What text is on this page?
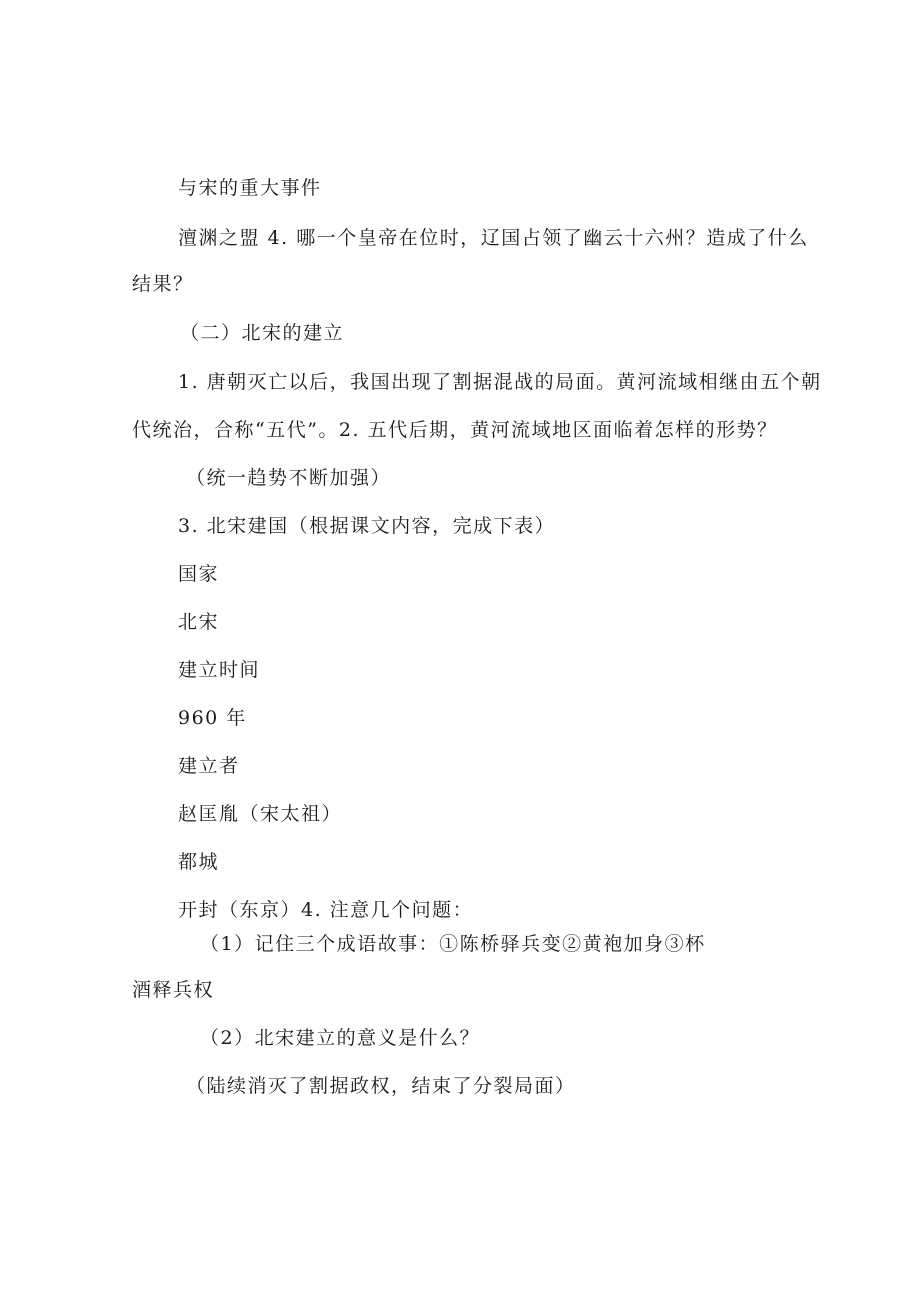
与宋的重大事件
澶渊之盟 4. 哪一个皇帝在位时，辽国占领了幽云十六州？造成了什么
结果？
（二）北宋的建立
1. 唐朝灭亡以后，我国出现了割据混战的局面。黄河流域相继由五个朝
代统治，合称“五代”。2. 五代后期，黄河流域地区面临着怎样的形势？
（统一趋势不断加强）
3. 北宋建国（根据课文内容，完成下表）
国家
北宋
建立时间
960 年
建立者
赵匡胤（宋太祖）
都城
开封（东京）4. 注意几个问题：
（1）记住三个成语故事：①陈桥驿兵变②黄袍加身③杯
酒释兵权
（2）北宋建立的意义是什么？
（陆续消灭了割据政权，结束了分裂局面）
